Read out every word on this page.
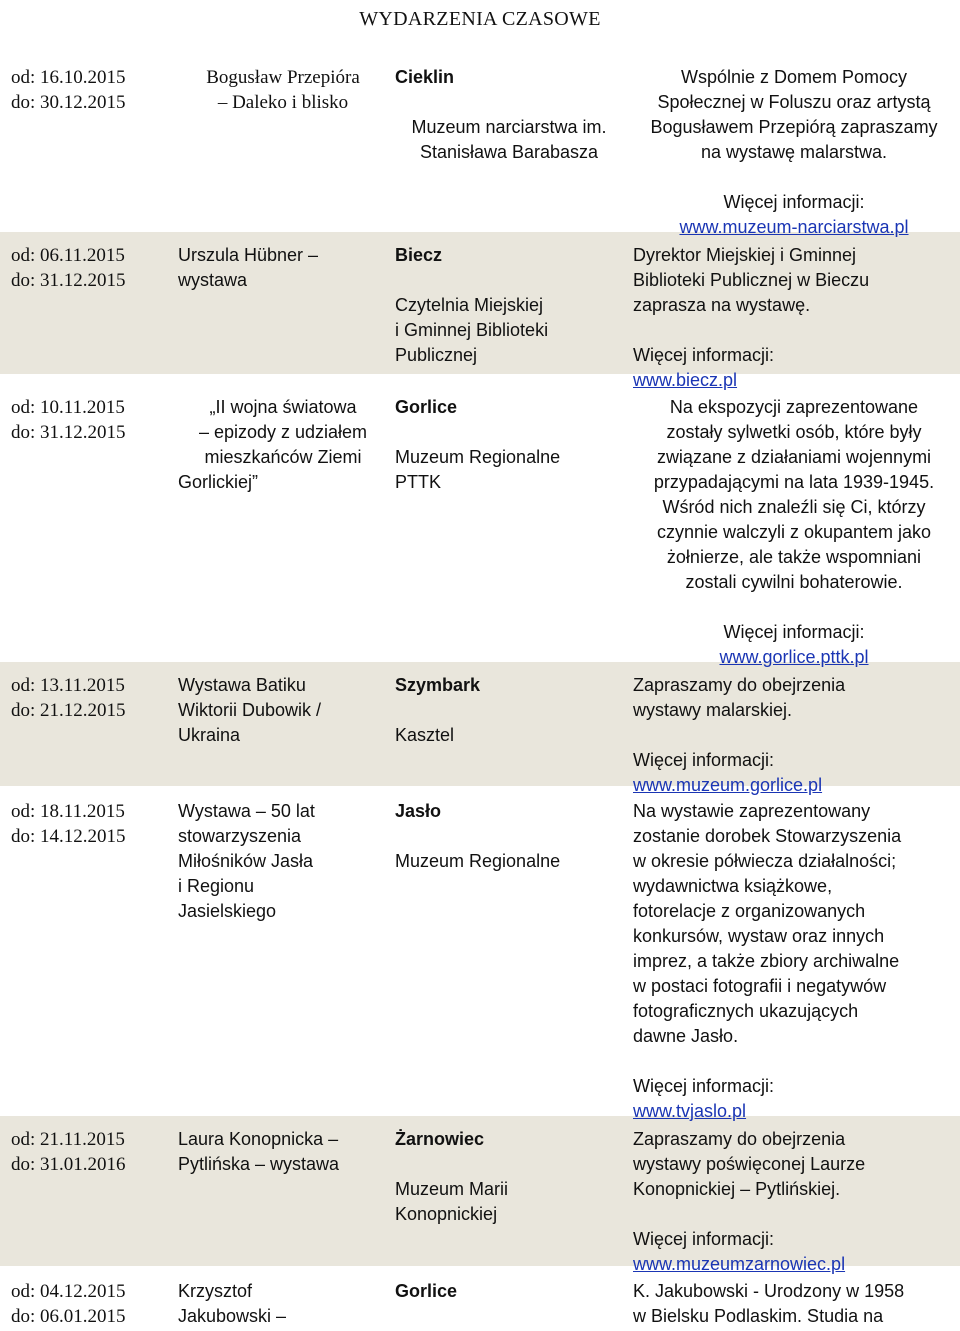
WYDARZENIA CZASOWE
od: 16.10.2015
do: 30.12.2015
Bogusław Przepióra
– Daleko i blisko
Cieklin
Muzeum narciarstwa im.
Stanisława Barabasza
Wspólnie z Domem Pomocy
Społecznej w Foluszu oraz artystą
Bogusławem Przepiórą zapraszamy
na wystawę malarstwa.
Więcej informacji:
www.muzeum-narciarstwa.pl
od: 06.11.2015
do: 31.12.2015
Urszula Hübner –
wystawa
Biecz
Czytelnia Miejskiej
i Gminnej Biblioteki
Publicznej
Dyrektor Miejskiej i Gminnej
Biblioteki Publicznej w Bieczu
zaprasza na wystawę.
Więcej informacji:
www.biecz.pl
od: 10.11.2015
do: 31.12.2015
„II wojna światowa
– epizody z udziałem
mieszkańców Ziemi
Gorlickiej”
Gorlice
Muzeum Regionalne
PTTK
Na ekspozycji zaprezentowane
zostały sylwetki osób, które były
związane z działaniami wojennymi
przypadającymi na lata 1939-1945.
Wśród nich znaleźli się Ci, którzy
czynnie walczyli z okupantem jako
żołnierze, ale także wspomniani
zostali cywilni bohaterowie.
Więcej informacji:
www.gorlice.pttk.pl
od: 13.11.2015
do: 21.12.2015
Wystawa Batiku
Wiktorii Dubowik /
Ukraina
Szymbark
Kasztel
Zapraszamy do obejrzenia
wystawy malarskiej.
Więcej informacji:
www.muzeum.gorlice.pl
od: 18.11.2015
do: 14.12.2015
Wystawa – 50 lat
stowarzyszenia
Miłośników Jasła
i Regionu
Jasielskiego
Jasło
Muzeum Regionalne
Na wystawie zaprezentowany
zostanie dorobek Stowarzyszenia
w okresie półwiecza działalności;
wydawnictwa książkowe,
fotorelacje z organizowanych
konkursów, wystaw oraz innych
imprez, a także zbiory archiwalne
w postaci fotografii i negatywów
fotograficznych ukazujących
dawne Jasło.
Więcej informacji:
www.tvjaslo.pl
od: 21.11.2015
do: 31.01.2016
Laura Konopnicka –
Pytlińska – wystawa
Żarnowiec
Muzeum Marii
Konopnickiej
Zapraszamy do obejrzenia
wystawy poświęconej Laurze
Konopnickiej – Pytlińskiej.
Więcej informacji:
www.muzeumzarnowiec.pl
od: 04.12.2015
do: 06.01.2015
Krzysztof
Jakubowski –
Gorlice	K. Jakubowski - Urodzony w 1958
w Bielsku Podlaskim. Studia na
